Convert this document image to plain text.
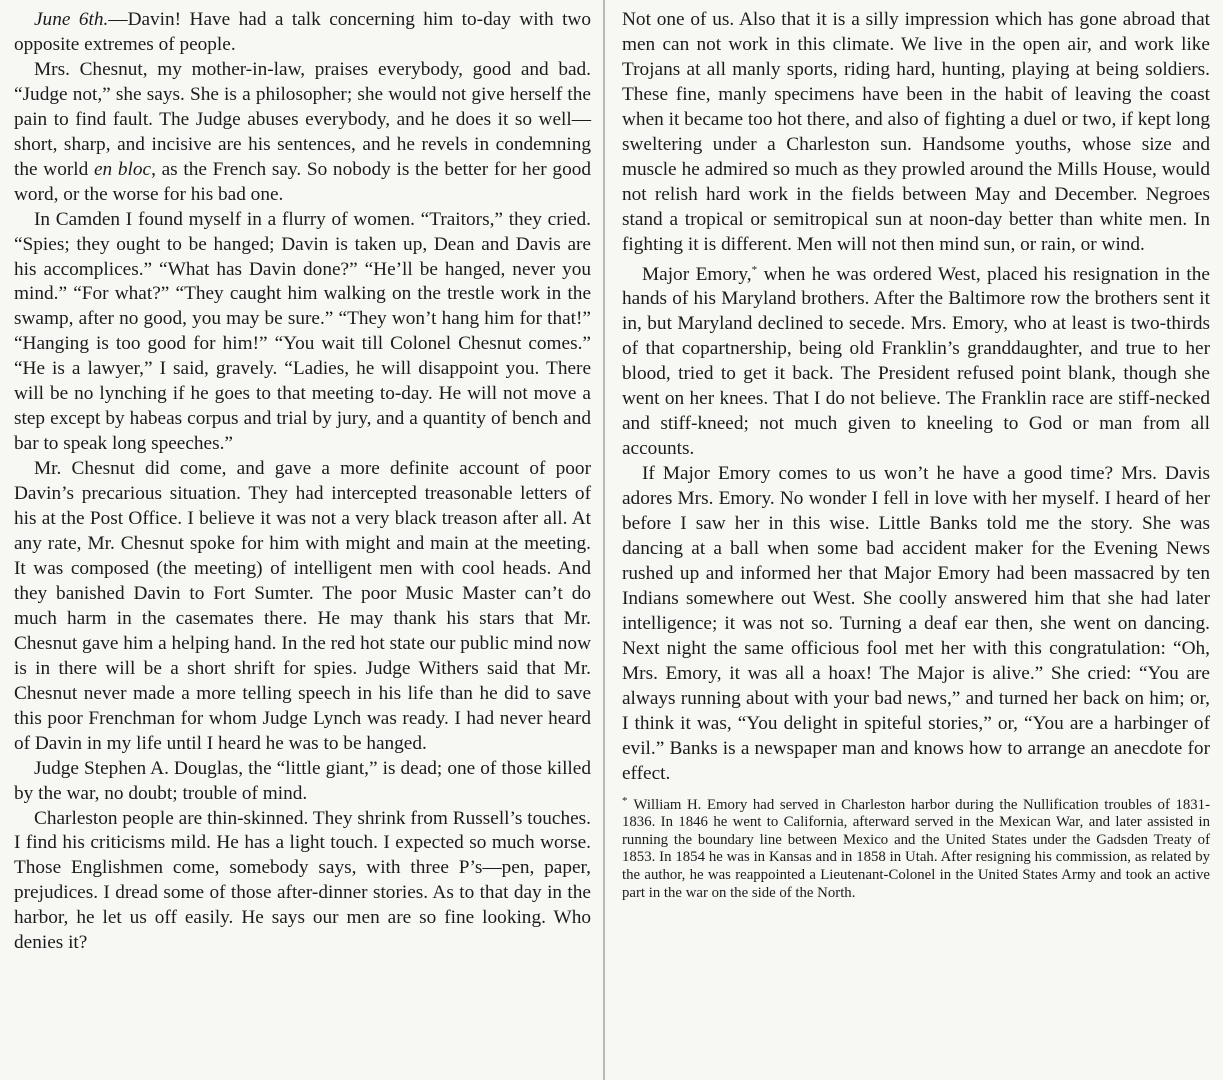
June 6th.—Davin! Have had a talk concerning him to-day with two opposite extremes of people.

Mrs. Chesnut, my mother-in-law, praises everybody, good and bad. “Judge not,” she says. She is a philosopher; she would not give herself the pain to find fault. The Judge abuses everybody, and he does it so well—short, sharp, and incisive are his sentences, and he revels in condemning the world en bloc, as the French say. So nobody is the better for her good word, or the worse for his bad one.

In Camden I found myself in a flurry of women. “Traitors,” they cried. “Spies; they ought to be hanged; Davin is taken up, Dean and Davis are his accomplices.” “What has Davin done?” “He’ll be hanged, never you mind.” “For what?” “They caught him walking on the trestle work in the swamp, after no good, you may be sure.” “They won’t hang him for that!” “Hanging is too good for him!” “You wait till Colonel Chesnut comes.” “He is a lawyer,” I said, gravely. “Ladies, he will disappoint you. There will be no lynching if he goes to that meeting to-day. He will not move a step except by habeas corpus and trial by jury, and a quantity of bench and bar to speak long speeches.”

Mr. Chesnut did come, and gave a more definite account of poor Davin’s precarious situation. They had intercepted treasonable letters of his at the Post Office. I believe it was not a very black treason after all. At any rate, Mr. Chesnut spoke for him with might and main at the meeting. It was composed (the meeting) of intelligent men with cool heads. And they banished Davin to Fort Sumter. The poor Music Master can’t do much harm in the casemates there. He may thank his stars that Mr. Chesnut gave him a helping hand. In the red hot state our public mind now is in there will be a short shrift for spies. Judge Withers said that Mr. Chesnut never made a more telling speech in his life than he did to save this poor Frenchman for whom Judge Lynch was ready. I had never heard of Davin in my life until I heard he was to be hanged.

Judge Stephen A. Douglas, the “little giant,” is dead; one of those killed by the war, no doubt; trouble of mind.

Charleston people are thin-skinned. They shrink from Russell’s touches. I find his criticisms mild. He has a light touch. I expected so much worse. Those Englishmen come, somebody says, with three P’s—pen, paper, prejudices. I dread some of those after-dinner stories. As to that day in the harbor, he let us off easily. He says our men are so fine looking. Who denies it?

Not one of us. Also that it is a silly impression which has gone abroad that men can not work in this climate. We live in the open air, and work like Trojans at all manly sports, riding hard, hunting, playing at being soldiers. These fine, manly specimens have been in the habit of leaving the coast when it became too hot there, and also of fighting a duel or two, if kept long sweltering under a Charleston sun. Handsome youths, whose size and muscle he admired so much as they prowled around the Mills House, would not relish hard work in the fields between May and December. Negroes stand a tropical or semitropical sun at noon-day better than white men. In fighting it is different. Men will not then mind sun, or rain, or wind.

Major Emory,* when he was ordered West, placed his resignation in the hands of his Maryland brothers. After the Baltimore row the brothers sent it in, but Maryland declined to secede. Mrs. Emory, who at least is two-thirds of that copartnership, being old Franklin’s granddaughter, and true to her blood, tried to get it back. The President refused point blank, though she went on her knees. That I do not believe. The Franklin race are stiff-necked and stiff-kneed; not much given to kneeling to God or man from all accounts.

If Major Emory comes to us won’t he have a good time? Mrs. Davis adores Mrs. Emory. No wonder I fell in love with her myself. I heard of her before I saw her in this wise. Little Banks told me the story. She was dancing at a ball when some bad accident maker for the Evening News rushed up and informed her that Major Emory had been massacred by ten Indians somewhere out West. She coolly answered him that she had later intelligence; it was not so. Turning a deaf ear then, she went on dancing. Next night the same officious fool met her with this congratulation: “Oh, Mrs. Emory, it was all a hoax! The Major is alive.” She cried: “You are always running about with your bad news,” and turned her back on him; or, I think it was, “You delight in spiteful stories,” or, “You are a harbinger of evil.” Banks is a newspaper man and knows how to arrange an anecdote for effect.

* William H. Emory had served in Charleston harbor during the Nullification troubles of 1831-1836. In 1846 he went to California, afterward served in the Mexican War, and later assisted in running the boundary line between Mexico and the United States under the Gadsden Treaty of 1853. In 1854 he was in Kansas and in 1858 in Utah. After resigning his commission, as related by the author, he was reappointed a Lieutenant-Colonel in the United States Army and took an active part in the war on the side of the North.
